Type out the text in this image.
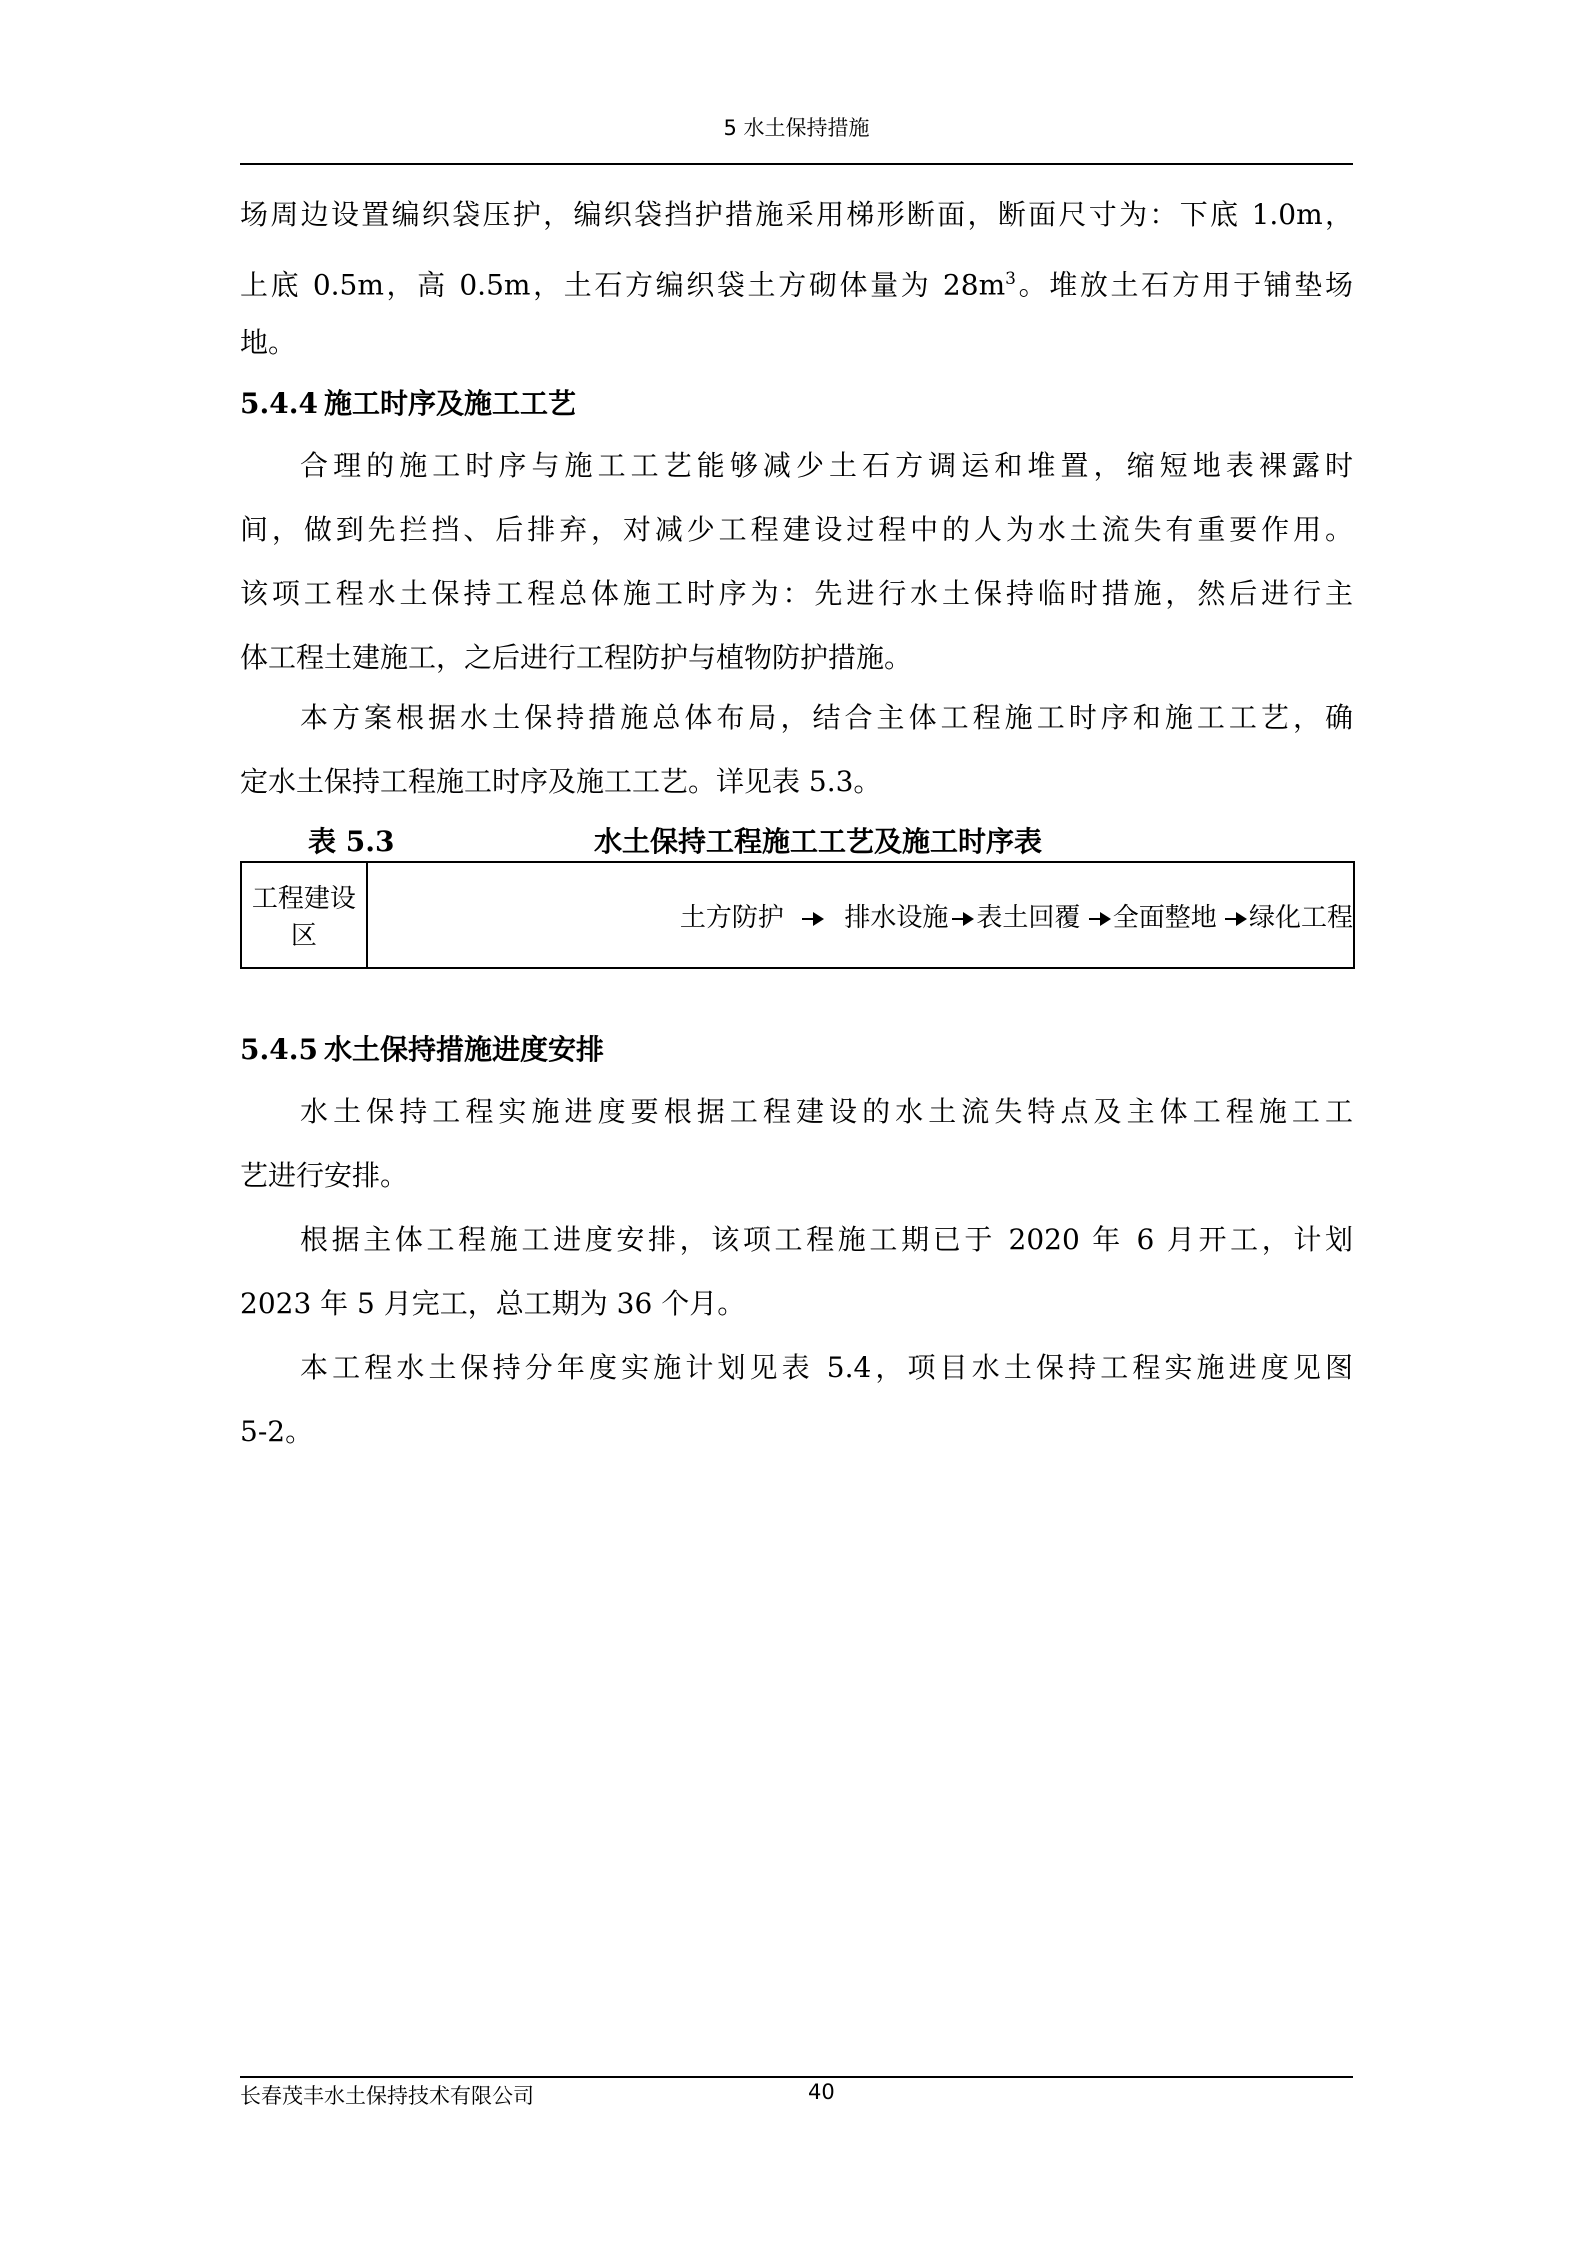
5 水土保持措施
场周边设置编织袋压护，编织袋挡护措施采用梯形断面，断面尺寸为：下底 1.0m，
上底 0.5m，高 0.5m，土石方编织袋土方砌体量为 $28m^3$。堆放土石方用于铺垫场
地。
5.4.4 施工时序及施工工艺
合理的施工时序与施工工艺能够减少土石方调运和堆置，缩短地表裸露时
间，做到先拦挡、后排弃，对减少工程建设过程中的人为水土流失有重要作用。
该项工程水土保持工程总体施工时序为：先进行水土保持临时措施，然后进行主
体工程土建施工，之后进行工程防护与植物防护措施。
本方案根据水土保持措施总体布局，结合主体工程施工时序和施工工艺，确
定水土保持工程施工时序及施工工艺。详见表 5.3。
表 5.3	水土保持工程施工工艺及施工时序表
工程建设区	土方防护 排水设施 表土回覆 全面整地 绿化工程
5.4.5 水土保持措施进度安排
水土保持工程实施进度要根据工程建设的水土流失特点及主体工程施工工
艺进行安排。
根据主体工程施工进度安排，该项工程施工期已于 2020 年 6 月开工，计划
2023 年 5 月完工，总工期为 36 个月。
本工程水土保持分年度实施计划见表 5.4，项目水土保持工程实施进度见图
5-2。
长春茂丰水土保持技术有限公司	40
